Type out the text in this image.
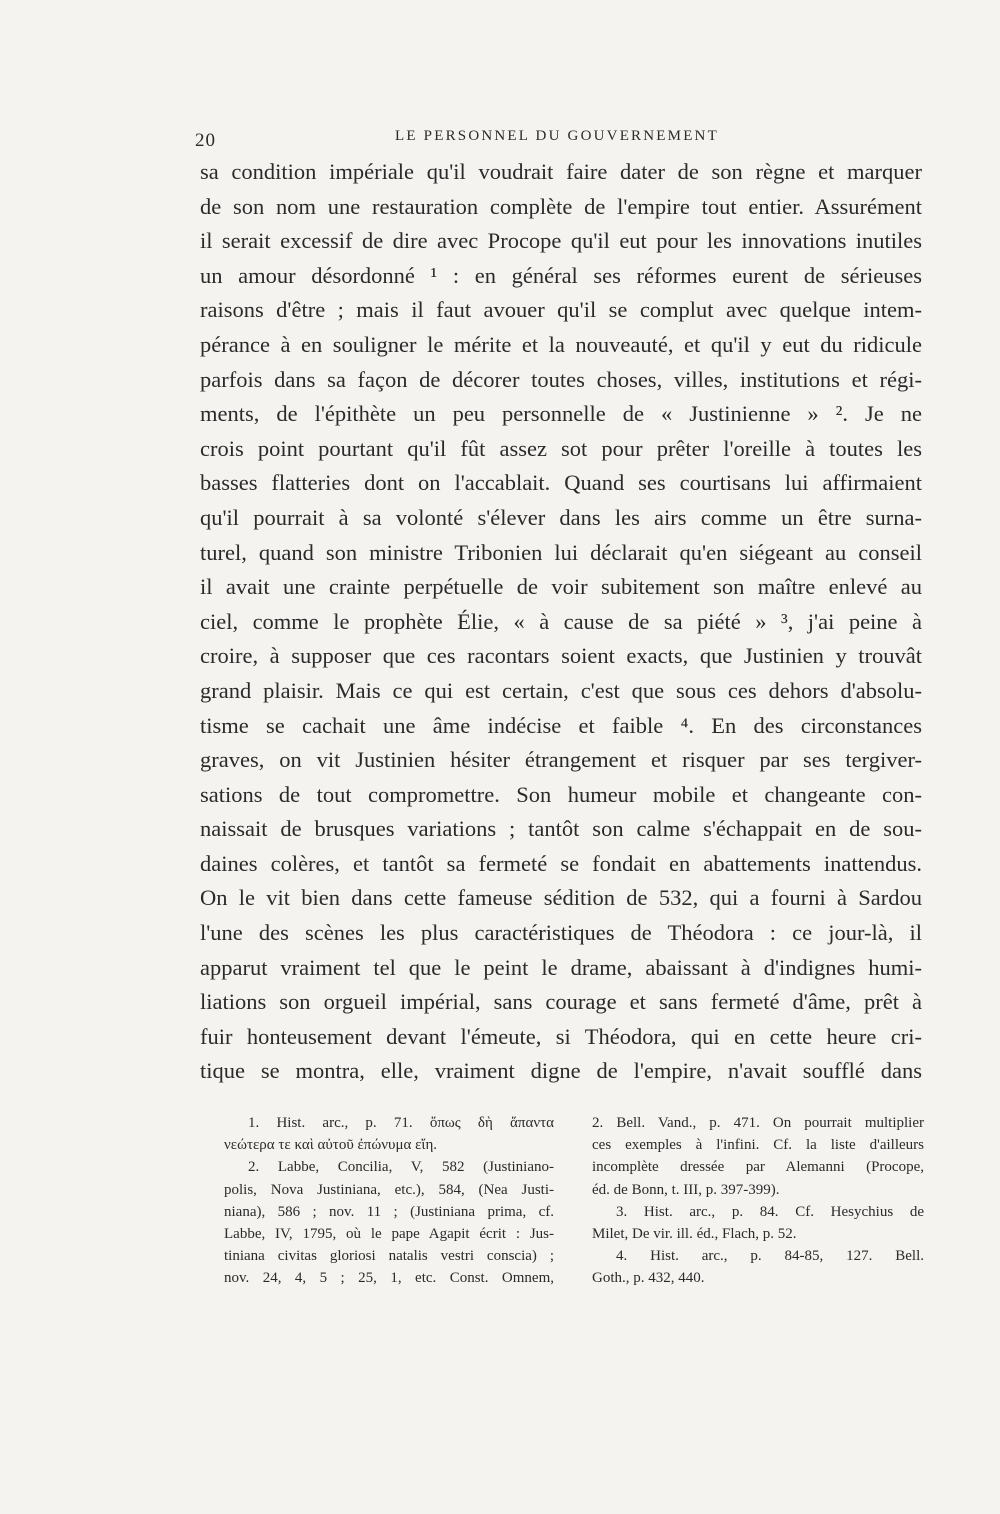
20	LE PERSONNEL DU GOUVERNEMENT
sa condition impériale qu'il voudrait faire dater de son règne et marquer
de son nom une restauration complète de l'empire tout entier. Assurément
il serait excessif de dire avec Procope qu'il eut pour les innovations inutiles
un amour désordonné ¹ : en général ses réformes eurent de sérieuses
raisons d'être ; mais il faut avouer qu'il se complut avec quelque intem-
pérance à en souligner le mérite et la nouveauté, et qu'il y eut du ridicule
parfois dans sa façon de décorer toutes choses, villes, institutions et régi-
ments, de l'épithète un peu personnelle de « Justinienne » ². Je ne
crois point pourtant qu'il fût assez sot pour prêter l'oreille à toutes les
basses flatteries dont on l'accablait. Quand ses courtisans lui affirmaient
qu'il pourrait à sa volonté s'élever dans les airs comme un être surna-
turel, quand son ministre Tribonien lui déclarait qu'en siégeant au conseil
il avait une crainte perpétuelle de voir subitement son maître enlevé au
ciel, comme le prophète Élie, « à cause de sa piété » ³, j'ai peine à
croire, à supposer que ces racontars soient exacts, que Justinien y trouvât
grand plaisir. Mais ce qui est certain, c'est que sous ces dehors d'absolu-
tisme se cachait une âme indécise et faible ⁴. En des circonstances
graves, on vit Justinien hésiter étrangement et risquer par ses tergiver-
sations de tout compromettre. Son humeur mobile et changeante con-
naissait de brusques variations ; tantôt son calme s'échappait en de sou-
daines colères, et tantôt sa fermeté se fondait en abattements inattendus.
On le vit bien dans cette fameuse sédition de 532, qui a fourni à Sardou
l'une des scènes les plus caractéristiques de Théodora : ce jour-là, il
apparut vraiment tel que le peint le drame, abaissant à d'indignes humi-
liations son orgueil impérial, sans courage et sans fermeté d'âme, prêt à
fuir honteusement devant l'émeute, si Théodora, qui en cette heure cri-
tique se montra, elle, vraiment digne de l'empire, n'avait soufflé dans
1. Hist. arc., p. 71. ὅπως δὴ ἅπαντα
νεώτερα τε καὶ αὐτοῦ ἐπώνυμα εἴη.
2. Labbe, Concilia, V, 582 (Justiniano-
polis, Nova Justiniana, etc.), 584, (Nea Justi-
niana), 586 ; nov. 11 ; (Justiniana prima, cf.
Labbe, IV, 1795, où le pape Agapit écrit : Jus-
tiniana civitas gloriosi natalis vestri conscia) ;
nov. 24, 4, 5 ; 25, 1, etc. Const. Omnem,
2. Bell. Vand., p. 471. On pourrait multiplier
ces exemples à l'infini. Cf. la liste d'ailleurs
incomplète dressée par Alemanni (Procope,
éd. de Bonn, t. III, p. 397-399).
3. Hist. arc., p. 84. Cf. Hesychius de
Milet, De vir. ill. éd., Flach, p. 52.
4. Hist. arc., p. 84-85, 127. Bell.
Goth., p. 432, 440.
